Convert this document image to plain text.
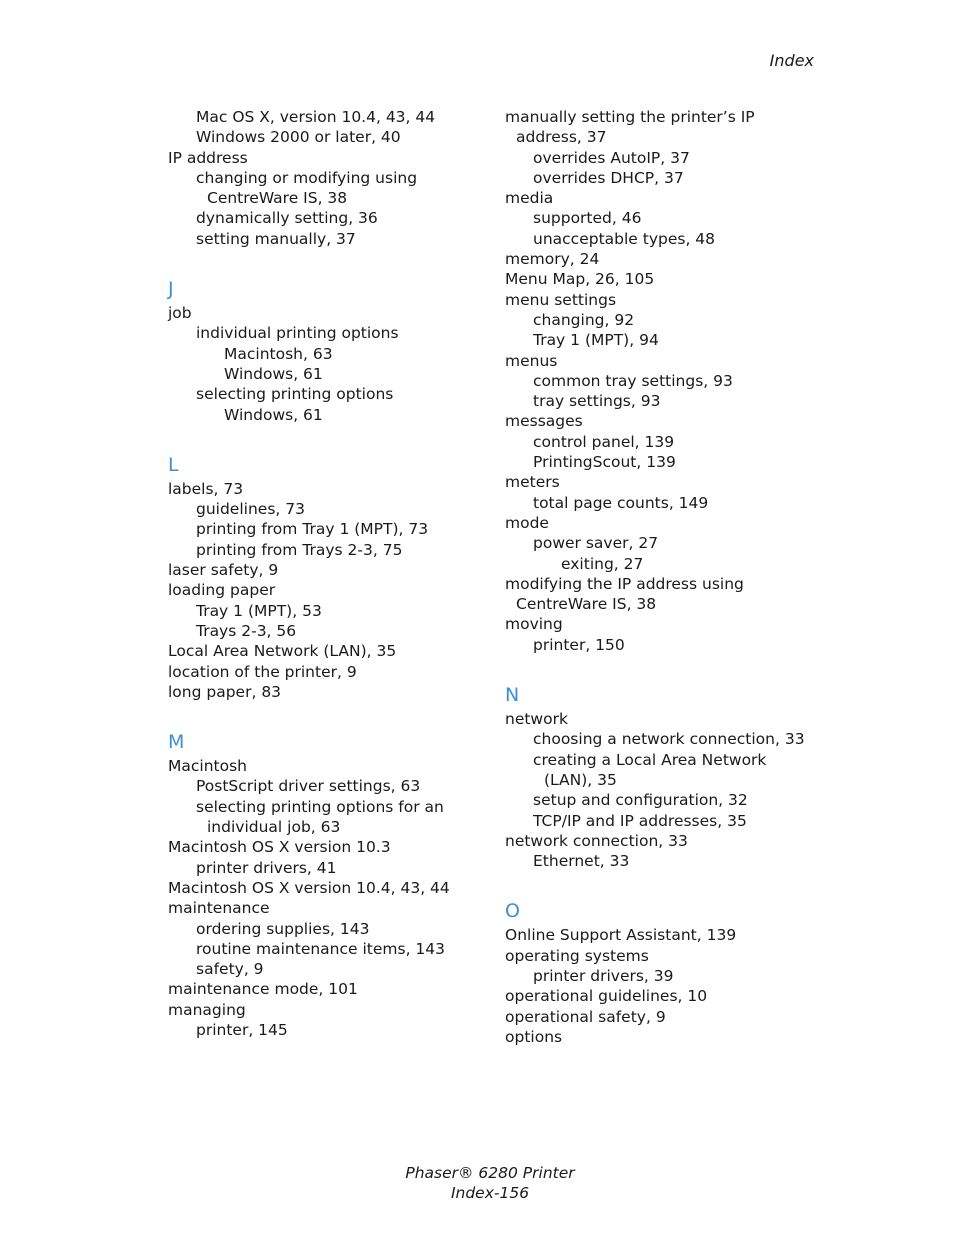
Index
Mac OS X, version 10.4, 43, 44
Windows 2000 or later, 40
IP address
changing or modifying using
CentreWare IS, 38
dynamically setting, 36
setting manually, 37
J
job
individual printing options
Macintosh, 63
Windows, 61
selecting printing options
Windows, 61
L
labels, 73
guidelines, 73
printing from Tray 1 (MPT), 73
printing from Trays 2-3, 75
laser safety, 9
loading paper
Tray 1 (MPT), 53
Trays 2-3, 56
Local Area Network (LAN), 35
location of the printer, 9
long paper, 83
M
Macintosh
PostScript driver settings, 63
selecting printing options for an
individual job, 63
Macintosh OS X version 10.3
printer drivers, 41
Macintosh OS X version 10.4, 43, 44
maintenance
ordering supplies, 143
routine maintenance items, 143
safety, 9
maintenance mode, 101
managing
printer, 145
manually setting the printer’s IP
address, 37
overrides AutoIP, 37
overrides DHCP, 37
media
supported, 46
unacceptable types, 48
memory, 24
Menu Map, 26, 105
menu settings
changing, 92
Tray 1 (MPT), 94
menus
common tray settings, 93
tray settings, 93
messages
control panel, 139
PrintingScout, 139
meters
total page counts, 149
mode
power saver, 27
exiting, 27
modifying the IP address using
CentreWare IS, 38
moving
printer, 150
N
network
choosing a network connection, 33
creating a Local Area Network
(LAN), 35
setup and configuration, 32
TCP/IP and IP addresses, 35
network connection, 33
Ethernet, 33
O
Online Support Assistant, 139
operating systems
printer drivers, 39
operational guidelines, 10
operational safety, 9
options
Phaser® 6280 Printer
Index-156
